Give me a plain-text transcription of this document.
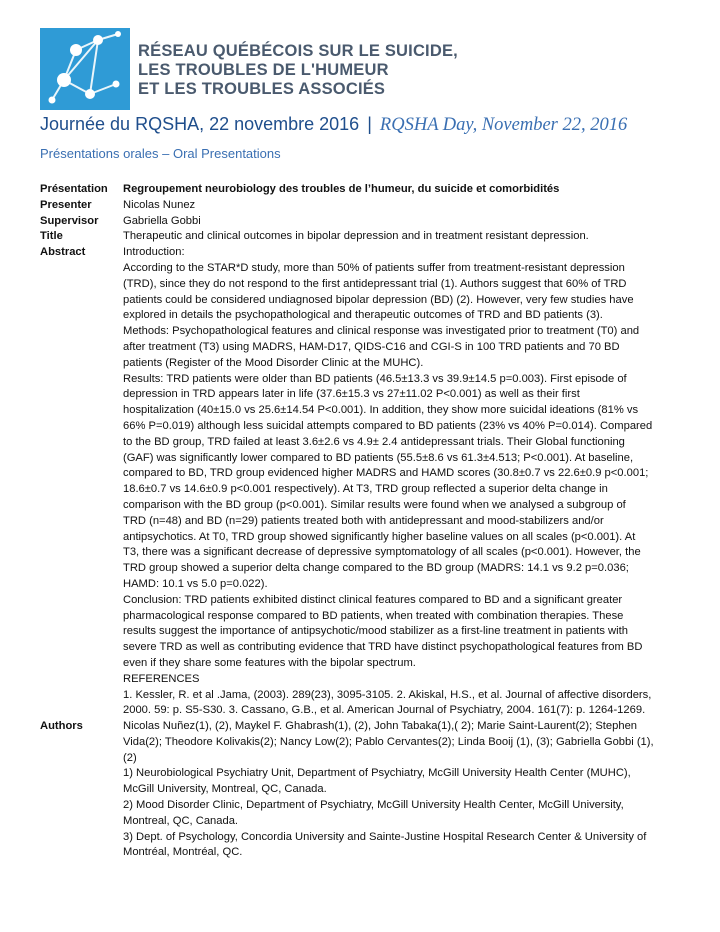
RÉSEAU QUÉBÉCOIS SUR LE SUICIDE,
LES TROUBLES DE L'HUMEUR
ET LES TROUBLES ASSOCIÉS
Journée du RQSHA, 22 novembre 2016 | RQSHA Day, November 22, 2016
Présentations orales – Oral Presentations
Présentation	Regroupement neurobiology des troubles de l’humeur, du suicide et comorbidités
Presenter	Nicolas Nunez
Supervisor	Gabriella Gobbi
Title	Therapeutic and clinical outcomes in bipolar depression and in treatment resistant depression.
Abstract	Introduction:
According to the STAR*D study, more than 50% of patients suffer from treatment-resistant depression
(TRD), since they do not respond to the first antidepressant trial (1). Authors suggest that 60% of TRD
patients could be considered undiagnosed bipolar depression (BD) (2). However, very few studies have
explored in details the psychopathological and therapeutic outcomes of TRD and BD patients (3).
Methods: Psychopathological features and clinical response was investigated prior to treatment (T0) and
after treatment (T3) using MADRS, HAM-D17, QIDS-C16 and CGI-S in 100 TRD patients and 70 BD
patients (Register of the Mood Disorder Clinic at the MUHC).
Results: TRD patients were older than BD patients (46.5±13.3 vs 39.9±14.5 p=0.003). First episode of
depression in TRD appears later in life (37.6±15.3 vs 27±11.02 P<0.001) as well as their first
hospitalization (40±15.0 vs 25.6±14.54 P<0.001). In addition, they show more suicidal ideations (81% vs
66% P=0.019) although less suicidal attempts compared to BD patients (23% vs 40% P=0.014). Compared
to the BD group, TRD failed at least 3.6±2.6 vs 4.9± 2.4 antidepressant trials. Their Global functioning
(GAF) was significantly lower compared to BD patients (55.5±8.6 vs 61.3±4.513; P<0.001). At baseline,
compared to BD, TRD group evidenced higher MADRS and HAMD scores (30.8±0.7 vs 22.6±0.9 p<0.001;
18.6±0.7 vs 14.6±0.9 p<0.001 respectively). At T3, TRD group reflected a superior delta change in
comparison with the BD group (p<0.001). Similar results were found when we analysed a subgroup of
TRD (n=48) and BD (n=29) patients treated both with antidepressant and mood-stabilizers and/or
antipsychotics. At T0, TRD group showed significantly higher baseline values on all scales (p<0.001). At
T3, there was a significant decrease of depressive symptomatology of all scales (p<0.001). However, the
TRD group showed a superior delta change compared to the BD group (MADRS: 14.1 vs 9.2 p=0.036;
HAMD: 10.1 vs 5.0 p=0.022).
Conclusion: TRD patients exhibited distinct clinical features compared to BD and a significant greater
pharmacological response compared to BD patients, when treated with combination therapies. These
results suggest the importance of antipsychotic/mood stabilizer as a first-line treatment in patients with
severe TRD as well as contributing evidence that TRD have distinct psychopathological features from BD
even if they share some features with the bipolar spectrum.
REFERENCES
1. Kessler, R. et al .Jama, (2003). 289(23), 3095-3105. 2. Akiskal, H.S., et al. Journal of affective disorders,
2000. 59: p. S5-S30. 3. Cassano, G.B., et al. American Journal of Psychiatry, 2004. 161(7): p. 1264-1269.
Authors	Nicolas Nuñez(1), (2), Maykel F. Ghabrash(1), (2), John Tabaka(1),( 2); Marie Saint-Laurent(2); Stephen
Vida(2); Theodore Kolivakis(2); Nancy Low(2); Pablo Cervantes(2); Linda Booij (1), (3); Gabriella Gobbi (1),
(2)
1) Neurobiological Psychiatry Unit, Department of Psychiatry, McGill University Health Center (MUHC),
McGill University, Montreal, QC, Canada.
2) Mood Disorder Clinic, Department of Psychiatry, McGill University Health Center, McGill University,
Montreal, QC, Canada.
3) Dept. of Psychology, Concordia University and Sainte-Justine Hospital Research Center & University of
Montréal, Montréal, QC.
